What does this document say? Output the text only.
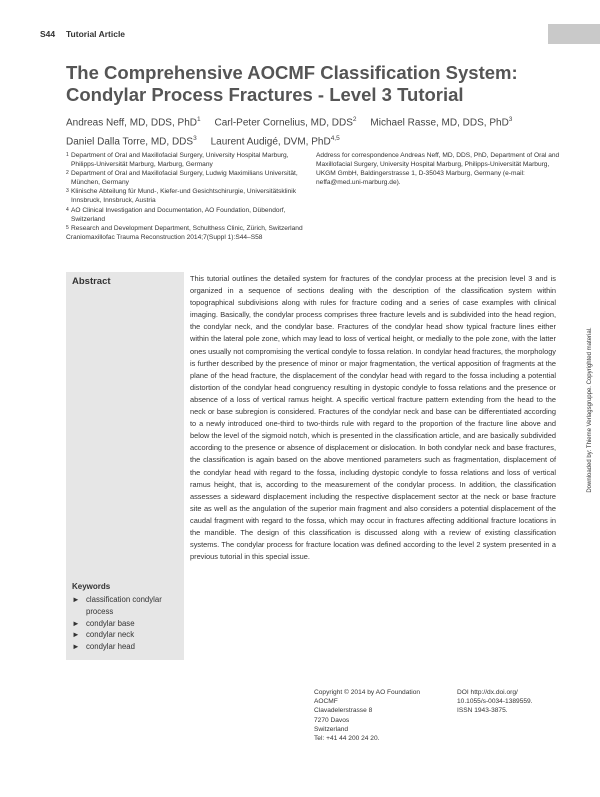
S44 Tutorial Article
The Comprehensive AOCMF Classification System:
Condylar Process Fractures - Level 3 Tutorial
Andreas Neff, MD, DDS, PhD$^1$ Carl-Peter Cornelius, MD, DDS$^2$ Michael Rasse, MD, DDS, PhD$^3$
Daniel Dalla Torre, MD, DDS$^3$ Laurent Audigé, DVM, PhD$^{4,5}$
1 Department of Oral and Maxillofacial Surgery, University Hospital Marburg, Philipps-Universität Marburg, Marburg, Germany
2 Department of Oral and Maxillofacial Surgery, Ludwig Maximilians Universität, München, Germany
3 Klinische Abteilung für Mund-, Kiefer-und Gesichtschirurgie, Universitätsklinik Innsbruck, Innsbruck, Austria
4 AO Clinical Investigation and Documentation, AO Foundation, Dübendorf, Switzerland
5 Research and Development Department, Schulthess Clinic, Zürich, Switzerland
Craniomaxillofac Trauma Reconstruction 2014;7(Suppl 1):S44–S58
Address for correspondence Andreas Neff, MD, DDS, PhD, Department of Oral and Maxillofacial Surgery, University Hospital Marburg, Philipps-Universität Marburg, UKGM GmbH, Baldingerstrasse 1, D-35043 Marburg, Germany (e-mail: neffa@med.uni-marburg.de).
Abstract	This tutorial outlines the detailed system for fractures of the condylar process at the precision level 3 and is organized in a sequence of sections dealing with the description of the classification system within topographical subdivisions along with rules for fracture coding and a series of case examples with clinical imaging. Basically, the condylar process comprises three fracture levels and is subdivided into the head region, the condylar neck, and the condylar base. Fractures of the condylar head show typical fracture lines either within the lateral pole zone, which may lead to loss of vertical height, or medially to the pole zone, with the latter ones usually not compromising the vertical condyle to fossa relation. In condylar head fractures, the morphology is further described by the presence of minor or major fragmentation, the vertical apposition of fragments at the plane of the head fracture, the displacement of the condylar head with regard to the fossa including a potential distortion of the condylar head congruency resulting in dystopic condyle to fossa relations and the presence or absence of a loss of vertical ramus height. A specific vertical fracture pattern extending from the head to the neck or base subregion is considered. Fractures of the condylar neck and base can be differentiated according to a newly introduced one-third to two-thirds rule with regard to the proportion of the fracture line above and below the level of the sigmoid notch, which is presented in the classification article, and are basically subdivided according to the presence or absence of displacement or dislocation. In both condylar neck and base fractures, the classification is again based on the above mentioned parameters such as fragmentation, displacement of the condylar head with regard to the fossa, including dystopic condyle to fossa relations and loss of vertical ramus height, that is, according to the measurement of the condylar process. In addition, the classification assesses a sideward displacement including the respective displacement sector at the neck or base fracture site as well as the angulation of the superior main fragment and also considers a potential displacement of the caudal fragment with regard to the fossa, which may occur in fractures affecting additional fracture locations in the mandible. The design of this classification is discussed along with a review of existing classification systems. The condylar process for fracture location was defined according to the level 2 system presented in a previous tutorial in this special issue.
Keywords
► classification condylar process
► condylar base
► condylar neck
► condylar head
Copyright © 2014 by AO Foundation
AOCMF
Clavadelerstrasse 8
7270 Davos
Switzerland
Tel: +41 44 200 24 20.
DOI http://dx.doi.org/
10.1055/s-0034-1389559.
ISSN 1943-3875.
Downloaded by: Thieme Verlagsgruppe. Copyrighted material.
